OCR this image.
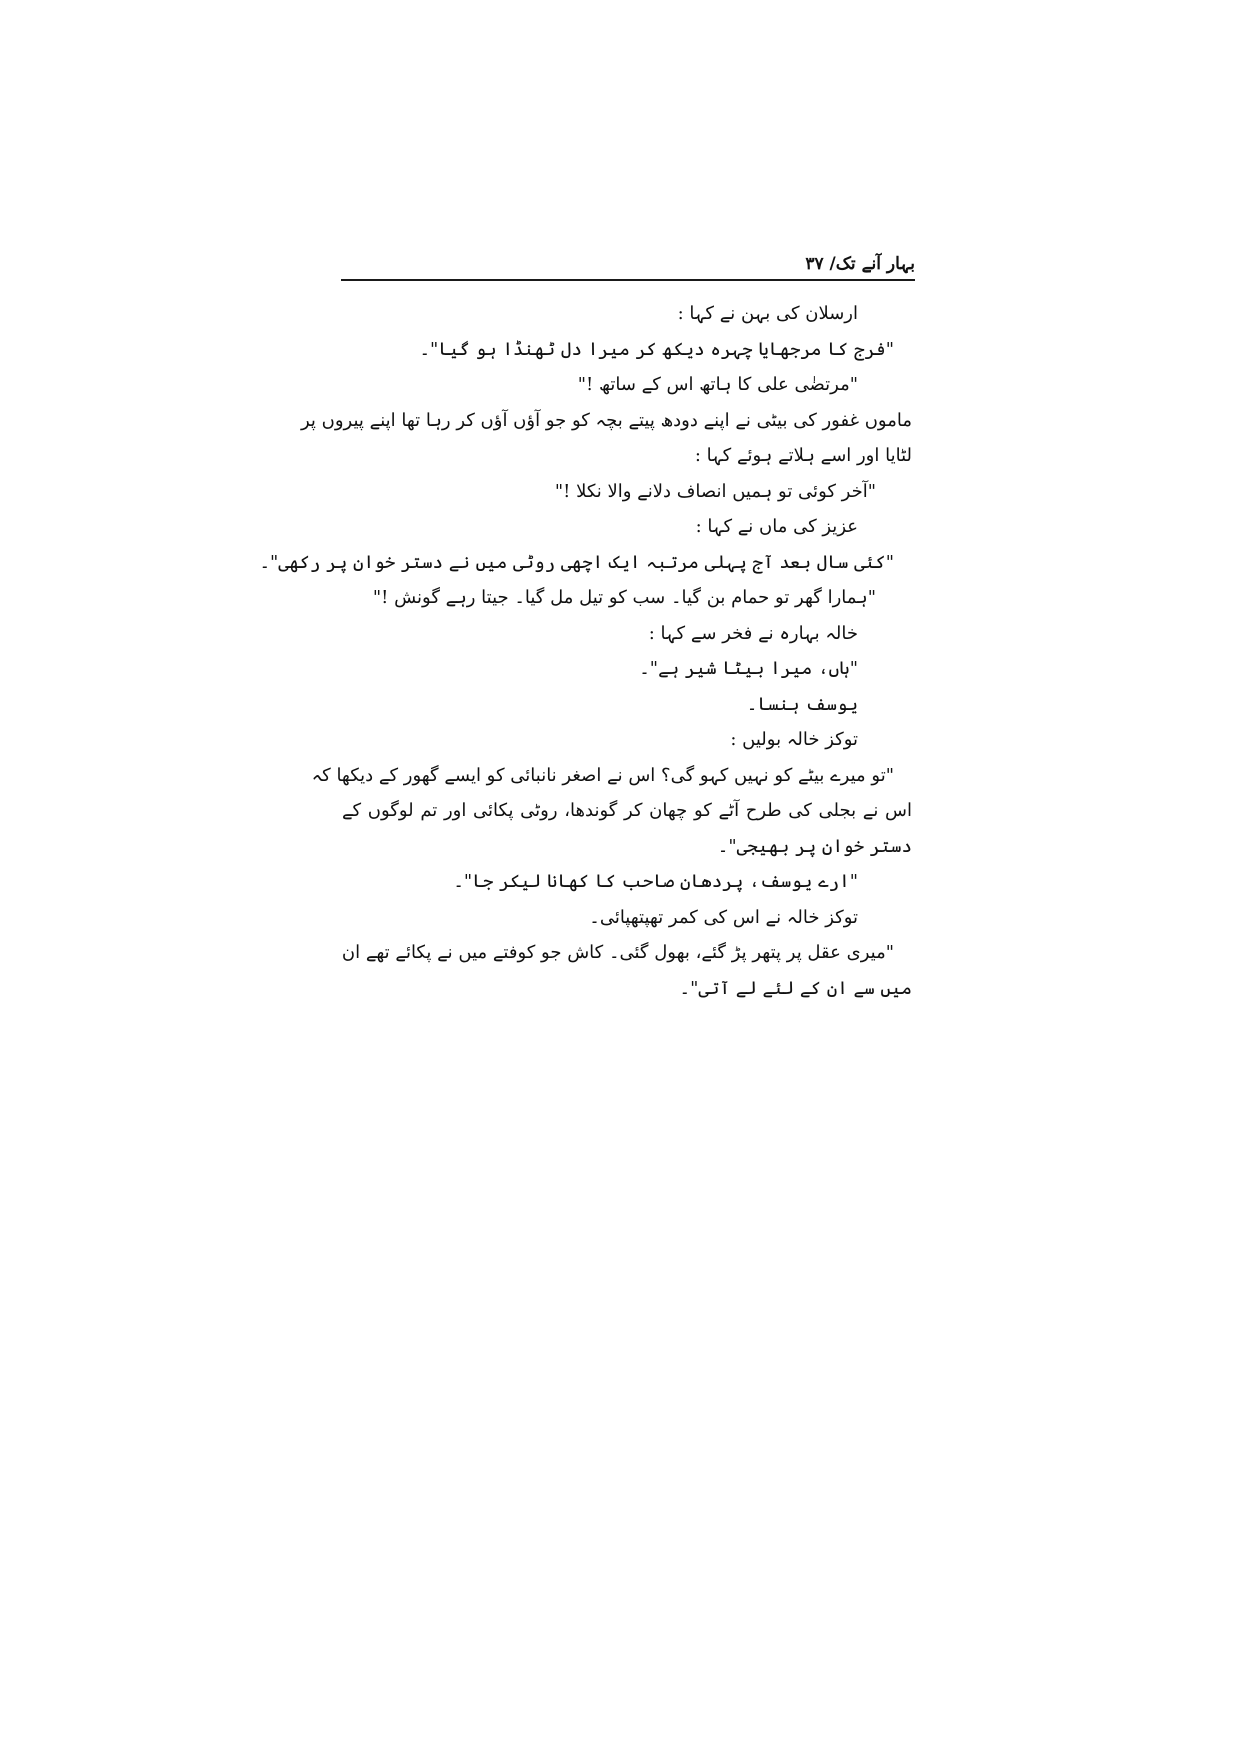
بہار آنے تک/ ۳۷
ارسلان کی بہن نے کہا :
"فرج کا مرجھایا چہرہ دیکھ کر میرا دل ٹھنڈا ہو گیا"۔
"مرتضٰی علی کا ہاتھ اس کے ساتھ !"
ماموں غفور کی بیٹی نے اپنے دودھ پیتے بچہ کو جو آؤں آؤں کر رہا تھا اپنے پیروں پر
لٹایا اور اسے ہلاتے ہوئے کہا :
"آخر کوئی تو ہمیں انصاف دلانے والا نکلا !"
عزیز کی ماں نے کہا :
"کئی سال بعد آج پہلی مرتبہ ایک اچھی روٹی میں نے دستر خوان پر رکھی"۔
"ہمارا گھر تو حمام بن گیا۔ سب کو تیل مل گیا۔ جیتا رہے گونش !"
خالہ بہارہ نے فخر سے کہا :
"ہاں، میرا بیٹا شیر ہے"۔
یوسف ہنسا۔
توکز خالہ بولیں :
"تو میرے بیٹے کو نہیں کہو گی؟ اس نے اصغر نانبائی کو ایسے گھور کے دیکھا کہ
اس نے بجلی کی طرح آٹے کو چھان کر گوندھا، روٹی پکائی اور تم لوگوں کے
دستر خوان پر بھیجی"۔
"ارے یوسف، پردھان صاحب کا کھانا لیکر جا"۔
توکز خالہ نے اس کی کمر تھپتھپائی۔
"میری عقل پر پتھر پڑ گئے، بھول گئی۔ کاش جو کوفتے میں نے پکائے تھے ان
میں سے ان کے لئے لے آتی"۔
